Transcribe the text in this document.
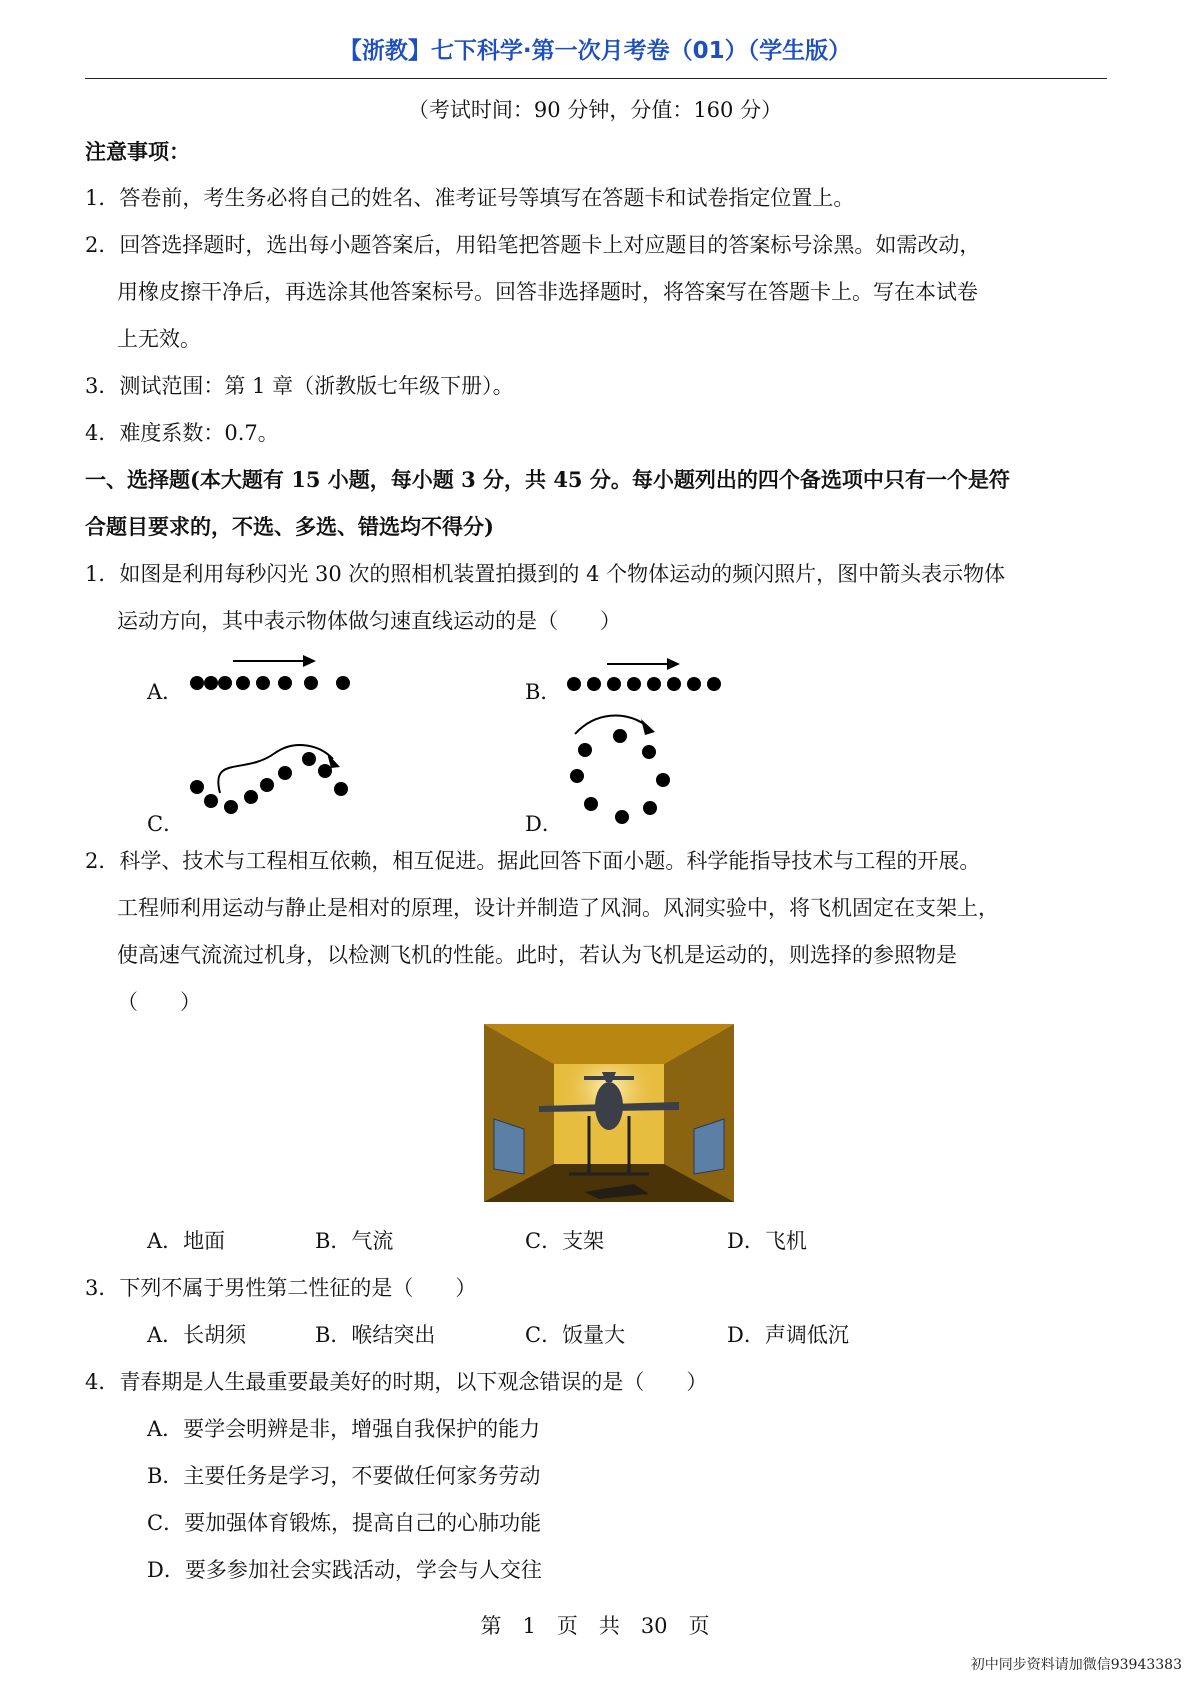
【浙教】七下科学·第一次月考卷（01）（学生版）
（考试时间：90 分钟，分值：160 分）
注意事项：
1．答卷前，考生务必将自己的姓名、准考证号等填写在答题卡和试卷指定位置上。
2．回答选择题时，选出每小题答案后，用铅笔把答题卡上对应题目的答案标号涂黑。如需改动，
用橡皮擦干净后，再选涂其他答案标号。回答非选择题时，将答案写在答题卡上。写在本试卷
上无效。
3．测试范围：第 1 章（浙教版七年级下册）。
4．难度系数：0.7。
一、选择题(本大题有 15 小题，每小题 3 分，共 45 分。每小题列出的四个备选项中只有一个是符
合题目要求的，不选、多选、错选均不得分)
1．如图是利用每秒闪光 30 次的照相机装置拍摄到的 4 个物体运动的频闪照片，图中箭头表示物体
运动方向，其中表示物体做匀速直线运动的是（　　）
A．	B．
C．	D．
2．科学、技术与工程相互依赖，相互促进。据此回答下面小题。科学能指导技术与工程的开展。
工程师利用运动与静止是相对的原理，设计并制造了风洞。风洞实验中，将飞机固定在支架上，
使高速气流流过机身，以检测飞机的性能。此时，若认为飞机是运动的，则选择的参照物是
（　　）
A．地面	B．气流	C．支架	D．飞机
3．下列不属于男性第二性征的是（　　）
A．长胡须	B．喉结突出	C．饭量大	D．声调低沉
4．青春期是人生最重要最美好的时期，以下观念错误的是（　　）
A．要学会明辨是非，增强自我保护的能力
B．主要任务是学习，不要做任何家务劳动
C．要加强体育锻炼，提高自己的心肺功能
D．要多参加社会实践活动，学会与人交往
第　1　页　共　30　页
初中同步资料请加微信93943383
